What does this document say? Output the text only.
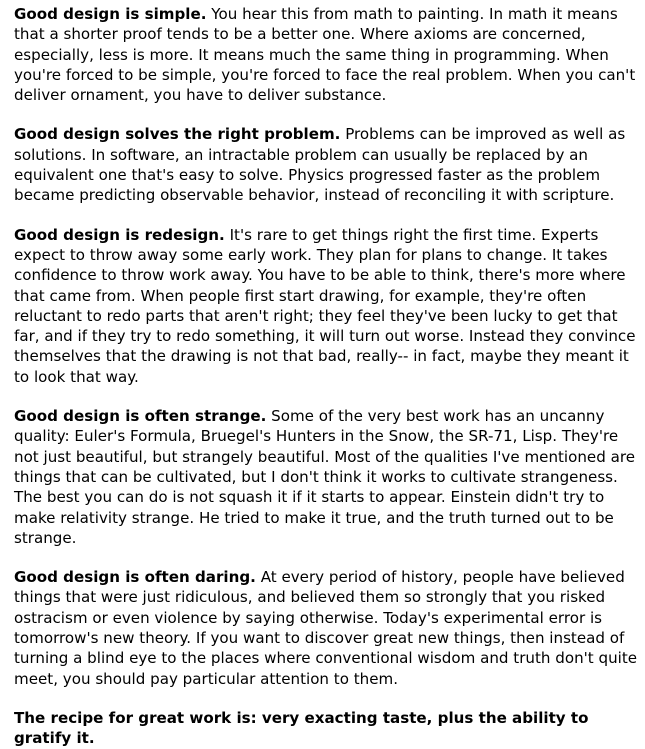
Good design is simple. You hear this from math to painting. In math it means that a shorter proof tends to be a better one. Where axioms are concerned, especially, less is more. It means much the same thing in programming. When you're forced to be simple, you're forced to face the real problem. When you can't deliver ornament, you have to deliver substance.

Good design solves the right problem. Problems can be improved as well as solutions. In software, an intractable problem can usually be replaced by an equivalent one that's easy to solve. Physics progressed faster as the problem became predicting observable behavior, instead of reconciling it with scripture.

Good design is redesign. It's rare to get things right the first time. Experts expect to throw away some early work. They plan for plans to change. It takes confidence to throw work away. You have to be able to think, there's more where that came from. When people first start drawing, for example, they're often reluctant to redo parts that aren't right; they feel they've been lucky to get that far, and if they try to redo something, it will turn out worse. Instead they convince themselves that the drawing is not that bad, really-- in fact, maybe they meant it to look that way.

Good design is often strange. Some of the very best work has an uncanny quality: Euler's Formula, Bruegel's Hunters in the Snow, the SR-71, Lisp. They're not just beautiful, but strangely beautiful. Most of the qualities I've mentioned are things that can be cultivated, but I don't think it works to cultivate strangeness. The best you can do is not squash it if it starts to appear. Einstein didn't try to make relativity strange. He tried to make it true, and the truth turned out to be strange.

Good design is often daring. At every period of history, people have believed things that were just ridiculous, and believed them so strongly that you risked ostracism or even violence by saying otherwise. Today's experimental error is tomorrow's new theory. If you want to discover great new things, then instead of turning a blind eye to the places where conventional wisdom and truth don't quite meet, you should pay particular attention to them.

The recipe for great work is: very exacting taste, plus the ability to gratify it.
